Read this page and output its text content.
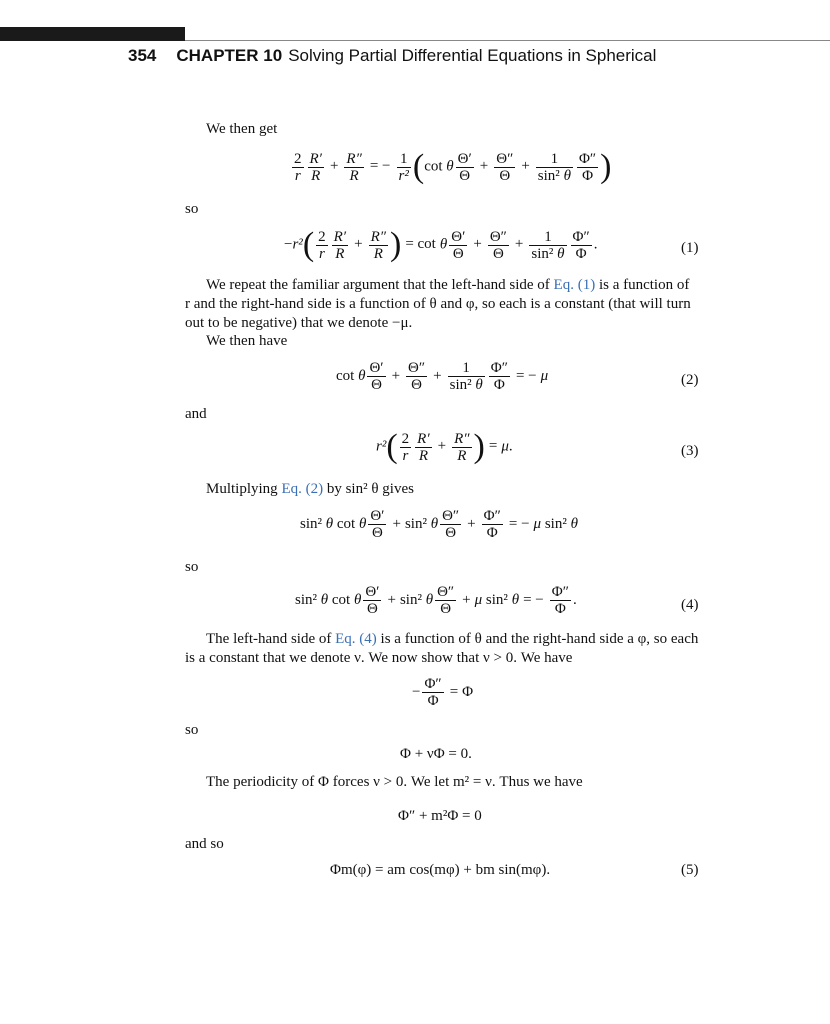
354 CHAPTER 10 Solving Partial Differential Equations in Spherical
We then get
$\frac{2}{r} \frac{R'}{R} + \frac{R''}{R}$ = − $\frac{1}{\text{r²}} (\cot$ θ $\frac{\Theta'}{\Theta} + \frac{\Theta''}{\Theta} + \frac{1}{\text{sin² θ}} \frac{\Phi''}{\Phi}$ )
so
$-r^2( \frac{2}{r} \frac{R'}{R} + \frac{R''}{R}$ ) = cot θ $\frac{\Theta'}{\Theta} + \frac{\Theta''}{\Theta} + \frac{1}{\text{sin² θ}} \frac{\Phi''}{\Phi}$ .	(1)
We repeat the familiar argument that the left-hand side of Eq. (1) is a function of
r and the right-hand side is a function of θ and φ, so each is a constant (that will turn
out to be negative) that we denote −μ.
We then have
cot θ $\frac{\Theta'}{\Theta} + \frac{\Theta''}{\Theta} + \frac{1}{\text{sin² θ}} \frac{\Phi''}{\Phi}$ = − μ	(2)
and
$r^2( \frac{2}{r} \frac{R'}{R} + \frac{R''}{R}$ ) = μ.	(3)
Multiplying Eq. (2) by sin² θ gives
sin² θ cot θ $\frac{\Theta'}{\Theta} + \sin^2$ θ $\frac{\Theta''}{\Theta} + \frac{\Phi''}{\Phi}$ = − μ sin² θ
so
sin² θ cot θ $\frac{\Theta'}{\Theta} + \sin^2$ θ $\frac{\Theta''}{\Theta} + \mu$ sin² θ = − $\frac{\Phi''}{\Phi}$ .	(4)
The left-hand side of Eq. (4) is a function of θ and the right-hand side a φ, so each
is a constant that we denote ν. We now show that ν > 0. We have
− $\frac{\Phi''}{\Phi} = \Phi$
so
Φ + νΦ = 0.
The periodicity of Φ forces ν > 0. We let m² = ν. Thus we have
Φ″ + m²Φ = 0
and so
Φm(φ) = am cos(mφ) + bm sin(mφ).	(5)
